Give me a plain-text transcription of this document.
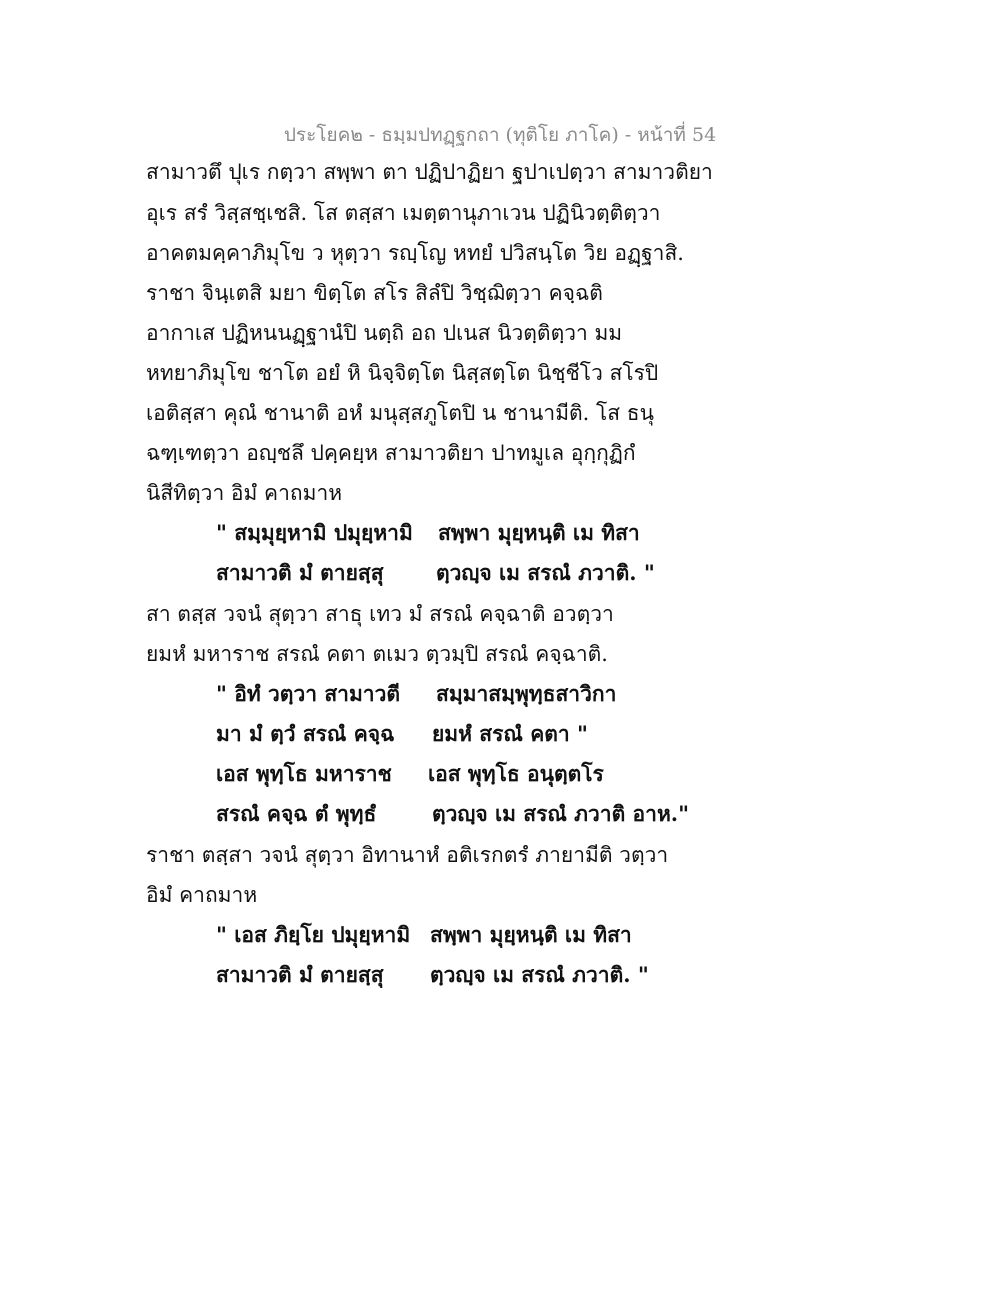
ประโยค๒ - ธมฺมปทฏฺฐกถา (ทุติโย ภาโค) - หน้าที่ 54
สามาวตึ ปุเร กตฺวา สพฺพา ตา ปฏิปาฏิยา ฐปาเปตฺวา สามาวติยา
อุเร สรํ วิสฺสชฺเชสิ. โส ตสฺสา เมตฺตานุภาเวน ปฏินิวตฺติตฺวา
อาคตมคฺคาภิมุโข ว หุตฺวา รญฺโญ หทยํ ปวิสนฺโต วิย อฏฺฐาสิ.
ราชา จินฺเตสิ มยา ขิตฺโต สโร สิลํปิ วิชฺฌิตฺวา คจฺฉติ
อากาเส ปฏิหนนฏฺฐานํปิ นตฺถิ อถ ปเนส นิวตฺติตฺวา มม
หทยาภิมุโข ชาโต อยํ หิ นิจฺจิตฺโต นิสฺสตฺโต นิชฺชีโว สโรปิ
เอติสฺสา คุณํ ชานาติ อหํ มนุสฺสภูโตปิ น ชานามีติ. โส ธนุ
ฉฑฺเฑตฺวา อญฺชลึ ปคฺคยฺห สามาวติยา ปาทมูเล อุกฺกุฏิกํ
นิสีทิตฺวา อิมํ คาถมาห
" สมฺมุยฺหามิ ปมุยฺหามิ สพฺพา มุยฺหนฺติ เม ทิสา
สามาวติ มํ ตายสฺสุ ตฺวญฺจ เม สรณํ ภวาติ. "
สา ตสฺส วจนํ สุตฺวา สาธุ เทว มํ สรณํ คจฺฉาติ อวตฺวา
ยมหํ มหาราช สรณํ คตา ตเมว ตฺวมฺปิ สรณํ คจฺฉาติ.
" อิทํ วตฺวา สามาวตี สมฺมาสมฺพุทฺธสาวิกา
มา มํ ตฺวํ สรณํ คจฺฉ ยมหํ สรณํ คตา "
เอส พุทฺโธ มหาราช เอส พุทฺโธ อนุตฺตโร
สรณํ คจฺฉ ตํ พุทฺธํ	ตฺวญฺจ เม สรณํ ภวาติ อาห."
ราชา ตสฺสา วจนํ สุตฺวา อิทานาหํ อติเรกตรํ ภายามีติ วตฺวา
อิมํ คาถมาห
" เอส ภิยฺโย ปมุยฺหามิ สพฺพา มุยฺหนฺติ เม ทิสา
สามาวติ มํ ตายสฺสุ ตฺวญฺจ เม สรณํ ภวาติ. "
